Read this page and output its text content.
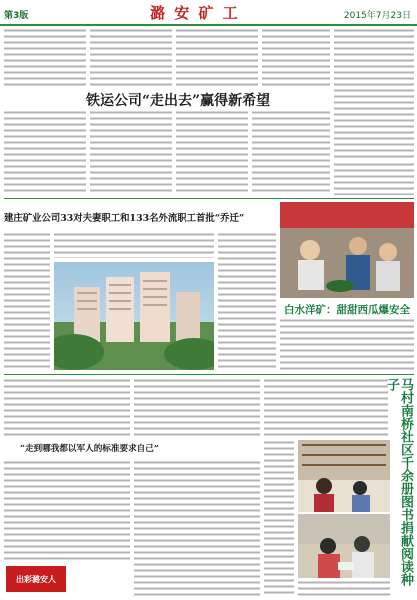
第3版	潞 安 矿 工	2015年7月23日
铁运公司“走出去”赢得新希望
建庄矿业公司33对夫妻职工和133名外流职工首批“乔迁”
白水洋矿：甜甜西瓜爆安全
“走到哪我都以军人的标准要求自己”
出彩潞安人	马村南桥社区千余册图书捐献阅读种子
